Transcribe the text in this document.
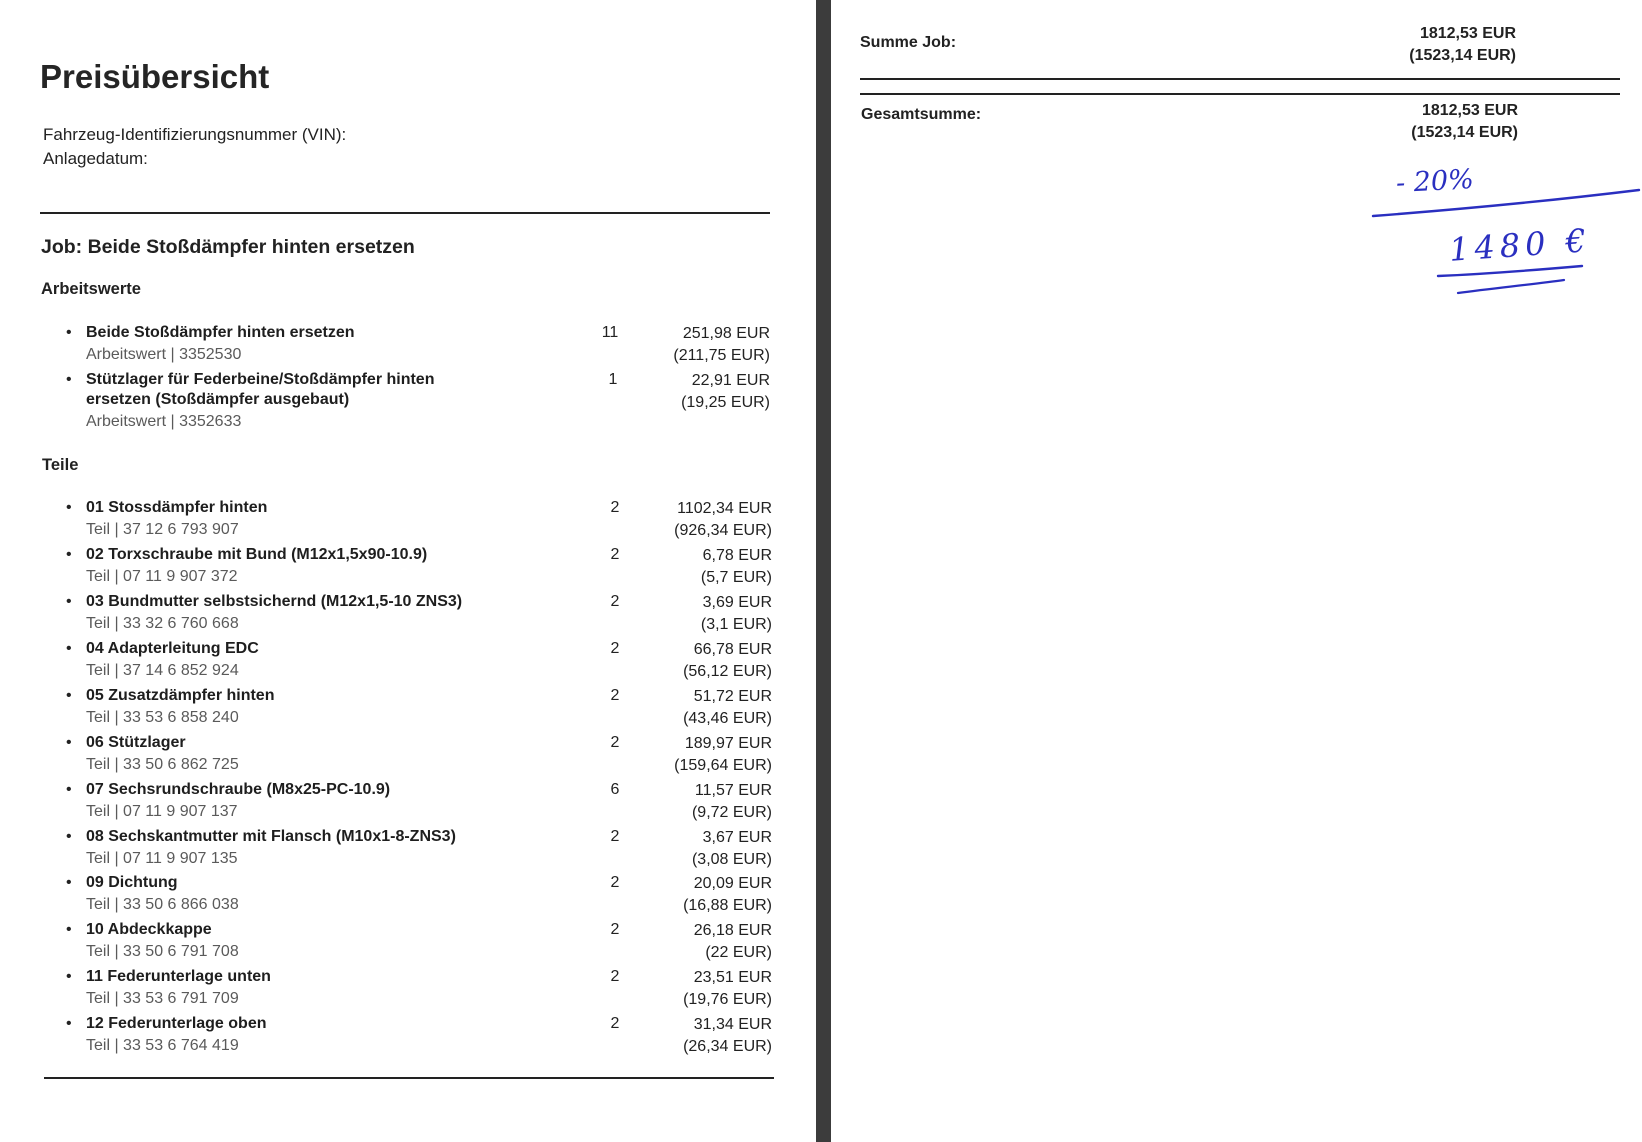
Preisübersicht
Fahrzeug-Identifizierungsnummer (VIN):
Anlagedatum:
Job: Beide Stoßdämpfer hinten ersetzen
Arbeitswerte
• Beide Stoßdämpfer hinten ersetzen
Arbeitswert | 3352530
11	251,98 EUR
(211,75 EUR)
• Stützlager für Federbeine/Stoßdämpfer hinten ersetzen (Stoßdämpfer ausgebaut)
Arbeitswert | 3352633
1	22,91 EUR
(19,25 EUR)
Teile
• 01 Stossdämpfer hinten
Teil | 37 12 6 793 907
2	1102,34 EUR
(926,34 EUR)
• 02 Torxschraube mit Bund (M12x1,5x90-10.9)
Teil | 07 11 9 907 372
2	6,78 EUR
(5,7 EUR)
• 03 Bundmutter selbstsichernd (M12x1,5-10 ZNS3)
Teil | 33 32 6 760 668
2	3,69 EUR
(3,1 EUR)
• 04 Adapterleitung EDC
Teil | 37 14 6 852 924
2	66,78 EUR
(56,12 EUR)
• 05 Zusatzdämpfer hinten
Teil | 33 53 6 858 240
2	51,72 EUR
(43,46 EUR)
• 06 Stützlager
Teil | 33 50 6 862 725
2	189,97 EUR
(159,64 EUR)
• 07 Sechsrundschraube (M8x25-PC-10.9)
Teil | 07 11 9 907 137
6	11,57 EUR
(9,72 EUR)
• 08 Sechskantmutter mit Flansch (M10x1-8-ZNS3)
Teil | 07 11 9 907 135
2	3,67 EUR
(3,08 EUR)
• 09 Dichtung
Teil | 33 50 6 866 038
2	20,09 EUR
(16,88 EUR)
• 10 Abdeckkappe
Teil | 33 50 6 791 708
2	26,18 EUR
(22 EUR)
• 11 Federunterlage unten
Teil | 33 53 6 791 709
2	23,51 EUR
(19,76 EUR)
• 12 Federunterlage oben
Teil | 33 53 6 764 419
2	31,34 EUR
(26,34 EUR)
Summe Job:
1812,53 EUR
(1523,14 EUR)
Gesamtsumme:	1812,53 EUR
(1523,14 EUR)
- 20%
1480 €
